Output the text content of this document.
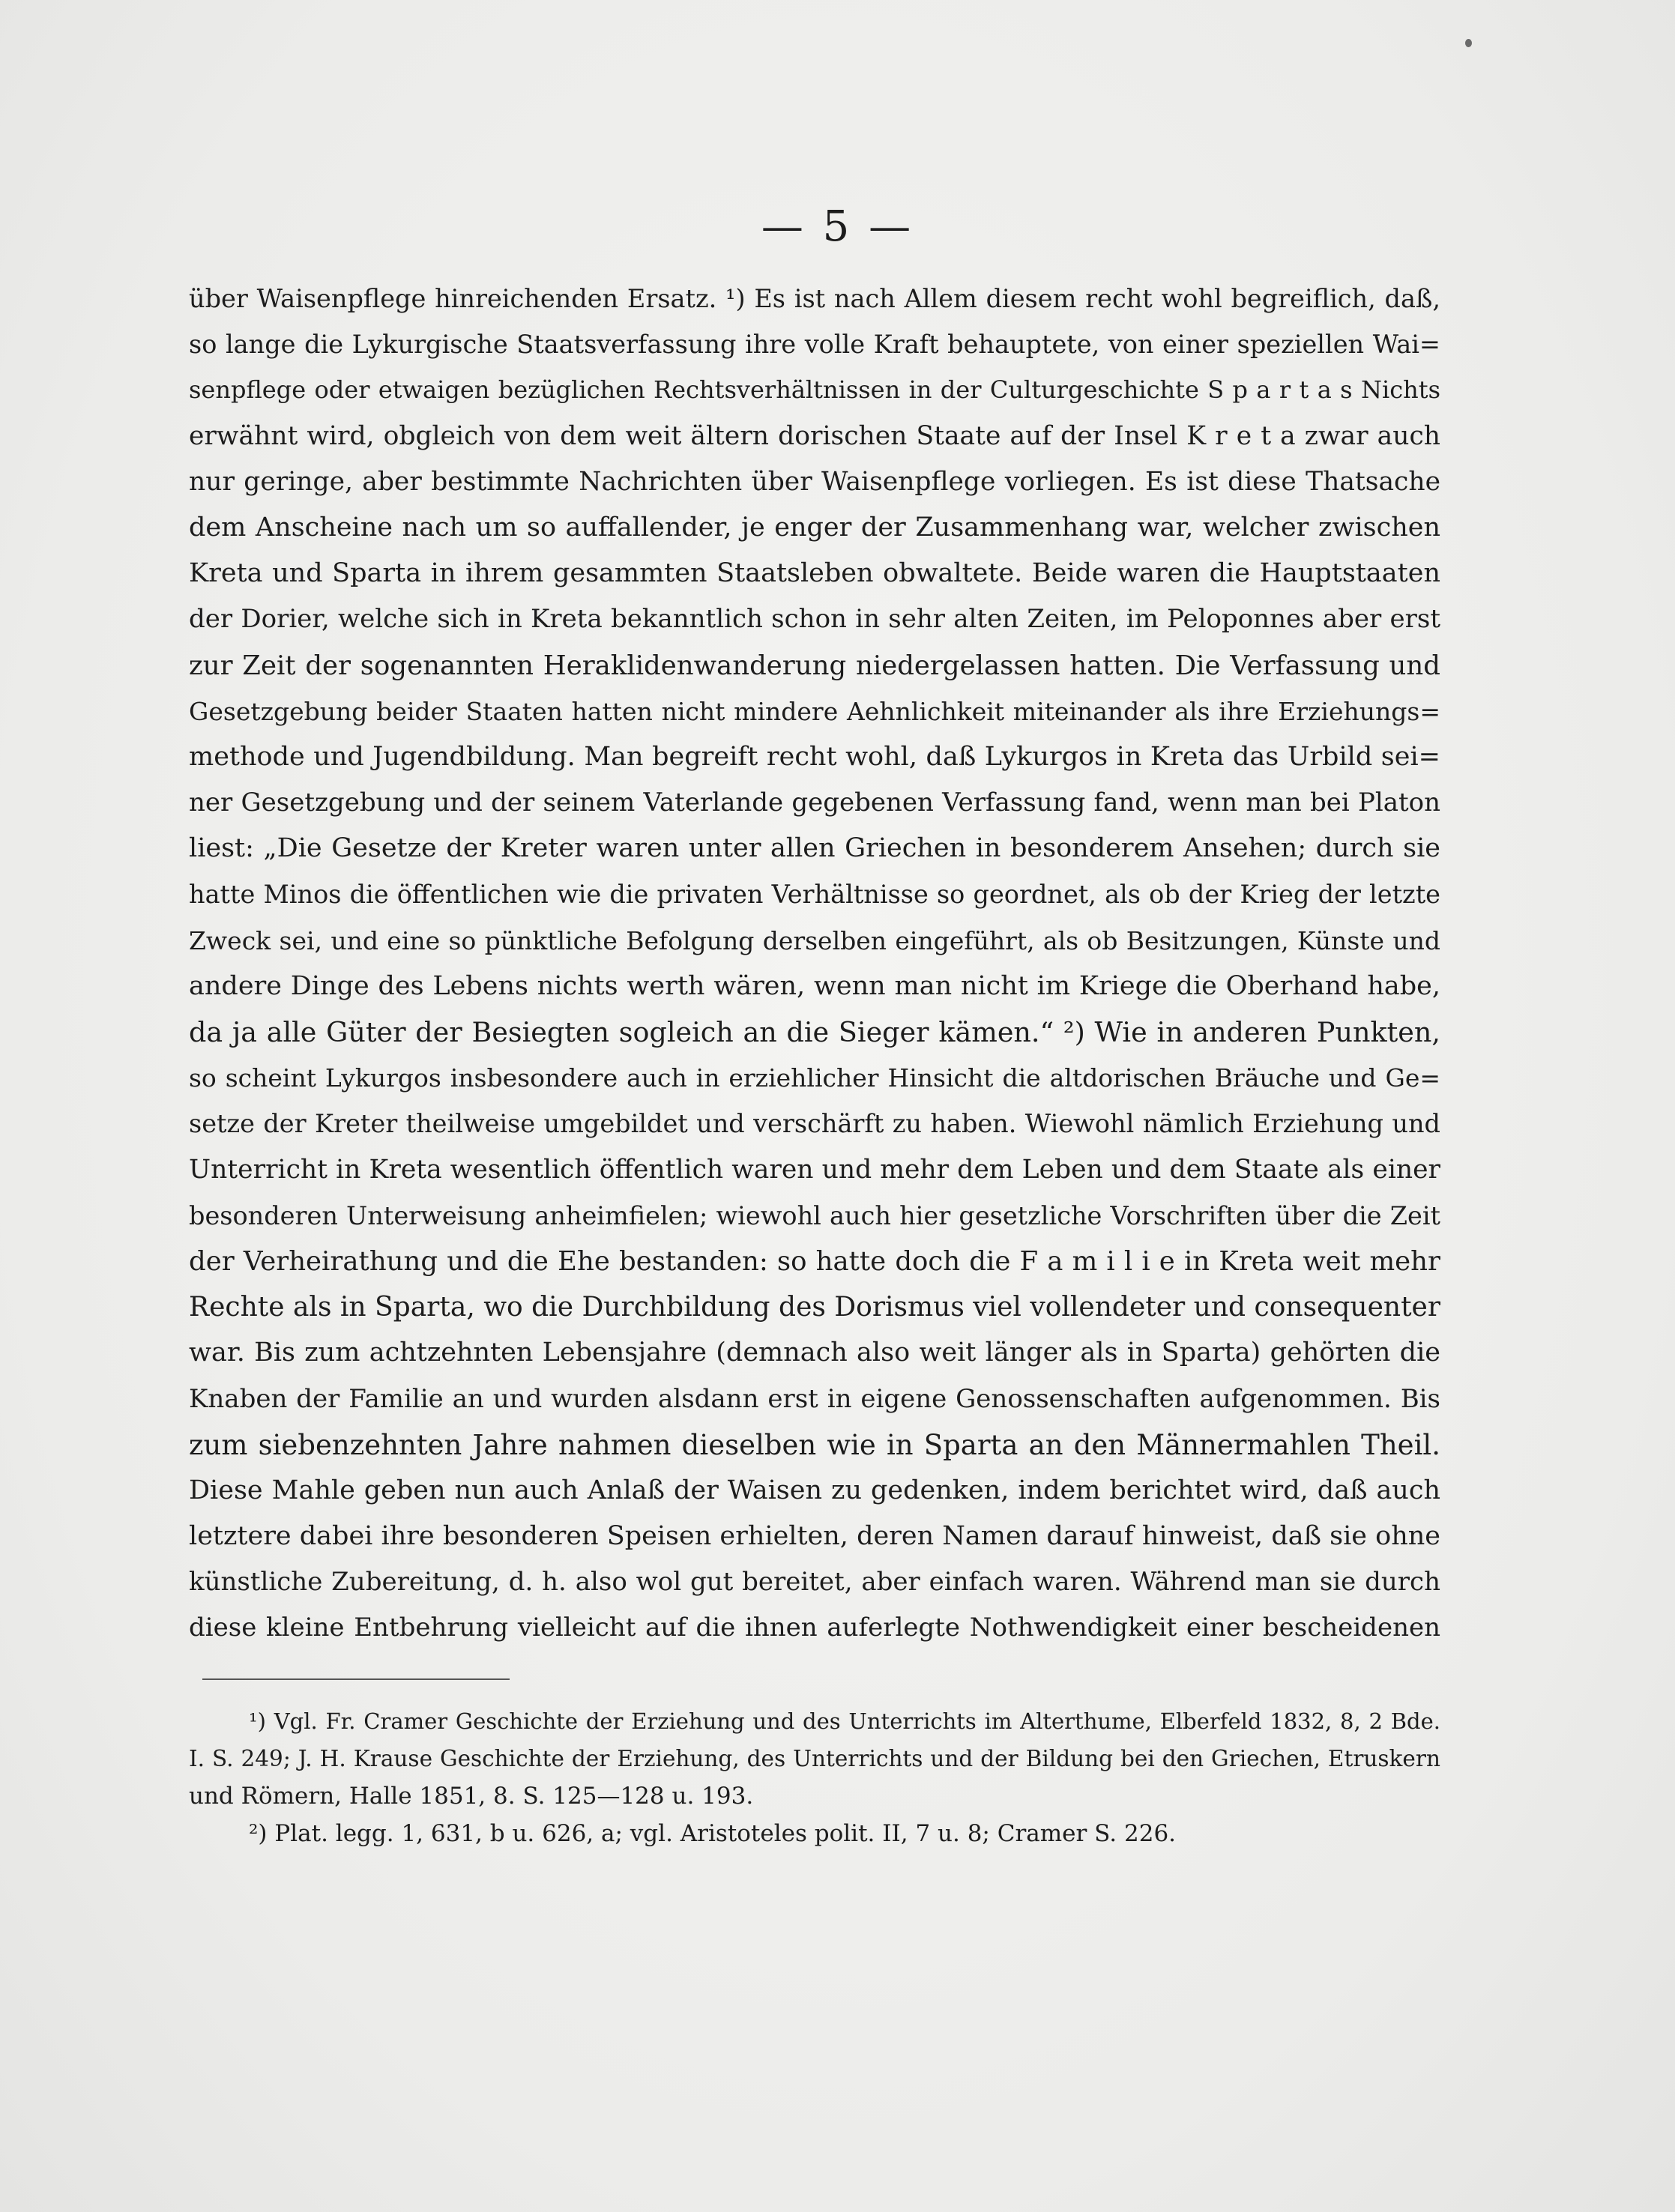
— 5 —
über Waisenpflege hinreichenden Ersatz. ¹) Es ist nach Allem diesem recht wohl begreiflich, daß,
so lange die Lykurgische Staatsverfassung ihre volle Kraft behauptete, von einer speziellen Wai=
senpflege oder etwaigen bezüglichen Rechtsverhältnissen in der Culturgeschichte S p a r t a s Nichts
erwähnt wird, obgleich von dem weit ältern dorischen Staate auf der Insel K r e t a zwar auch
nur geringe, aber bestimmte Nachrichten über Waisenpflege vorliegen. Es ist diese Thatsache
dem Anscheine nach um so auffallender, je enger der Zusammenhang war, welcher zwischen
Kreta und Sparta in ihrem gesammten Staatsleben obwaltete. Beide waren die Hauptstaaten
der Dorier, welche sich in Kreta bekanntlich schon in sehr alten Zeiten, im Peloponnes aber erst
zur Zeit der sogenannten Heraklidenwanderung niedergelassen hatten. Die Verfassung und
Gesetzgebung beider Staaten hatten nicht mindere Aehnlichkeit miteinander als ihre Erziehungs=
methode und Jugendbildung. Man begreift recht wohl, daß Lykurgos in Kreta das Urbild sei=
ner Gesetzgebung und der seinem Vaterlande gegebenen Verfassung fand, wenn man bei Platon
liest: „Die Gesetze der Kreter waren unter allen Griechen in besonderem Ansehen; durch sie
hatte Minos die öffentlichen wie die privaten Verhältnisse so geordnet, als ob der Krieg der letzte
Zweck sei, und eine so pünktliche Befolgung derselben eingeführt, als ob Besitzungen, Künste und
andere Dinge des Lebens nichts werth wären, wenn man nicht im Kriege die Oberhand habe,
da ja alle Güter der Besiegten sogleich an die Sieger kämen.“ ²) Wie in anderen Punkten,
so scheint Lykurgos insbesondere auch in erziehlicher Hinsicht die altdorischen Bräuche und Ge=
setze der Kreter theilweise umgebildet und verschärft zu haben. Wiewohl nämlich Erziehung und
Unterricht in Kreta wesentlich öffentlich waren und mehr dem Leben und dem Staate als einer
besonderen Unterweisung anheimfielen; wiewohl auch hier gesetzliche Vorschriften über die Zeit
der Verheirathung und die Ehe bestanden: so hatte doch die F a m i l i e in Kreta weit mehr
Rechte als in Sparta, wo die Durchbildung des Dorismus viel vollendeter und consequenter
war. Bis zum achtzehnten Lebensjahre (demnach also weit länger als in Sparta) gehörten die
Knaben der Familie an und wurden alsdann erst in eigene Genossenschaften aufgenommen. Bis
zum siebenzehnten Jahre nahmen dieselben wie in Sparta an den Männermahlen Theil.
Diese Mahle geben nun auch Anlaß der Waisen zu gedenken, indem berichtet wird, daß auch
letztere dabei ihre besonderen Speisen erhielten, deren Namen darauf hinweist, daß sie ohne
künstliche Zubereitung, d. h. also wol gut bereitet, aber einfach waren. Während man sie durch
diese kleine Entbehrung vielleicht auf die ihnen auferlegte Nothwendigkeit einer bescheidenen
¹) Vgl. Fr. Cramer Geschichte der Erziehung und des Unterrichts im Alterthume, Elberfeld 1832, 8, 2 Bde.
I. S. 249; J. H. Krause Geschichte der Erziehung, des Unterrichts und der Bildung bei den Griechen, Etruskern
und Römern, Halle 1851, 8. S. 125—128 u. 193.
²) Plat. legg. 1, 631, b u. 626, a; vgl. Aristoteles polit. II, 7 u. 8; Cramer S. 226.
